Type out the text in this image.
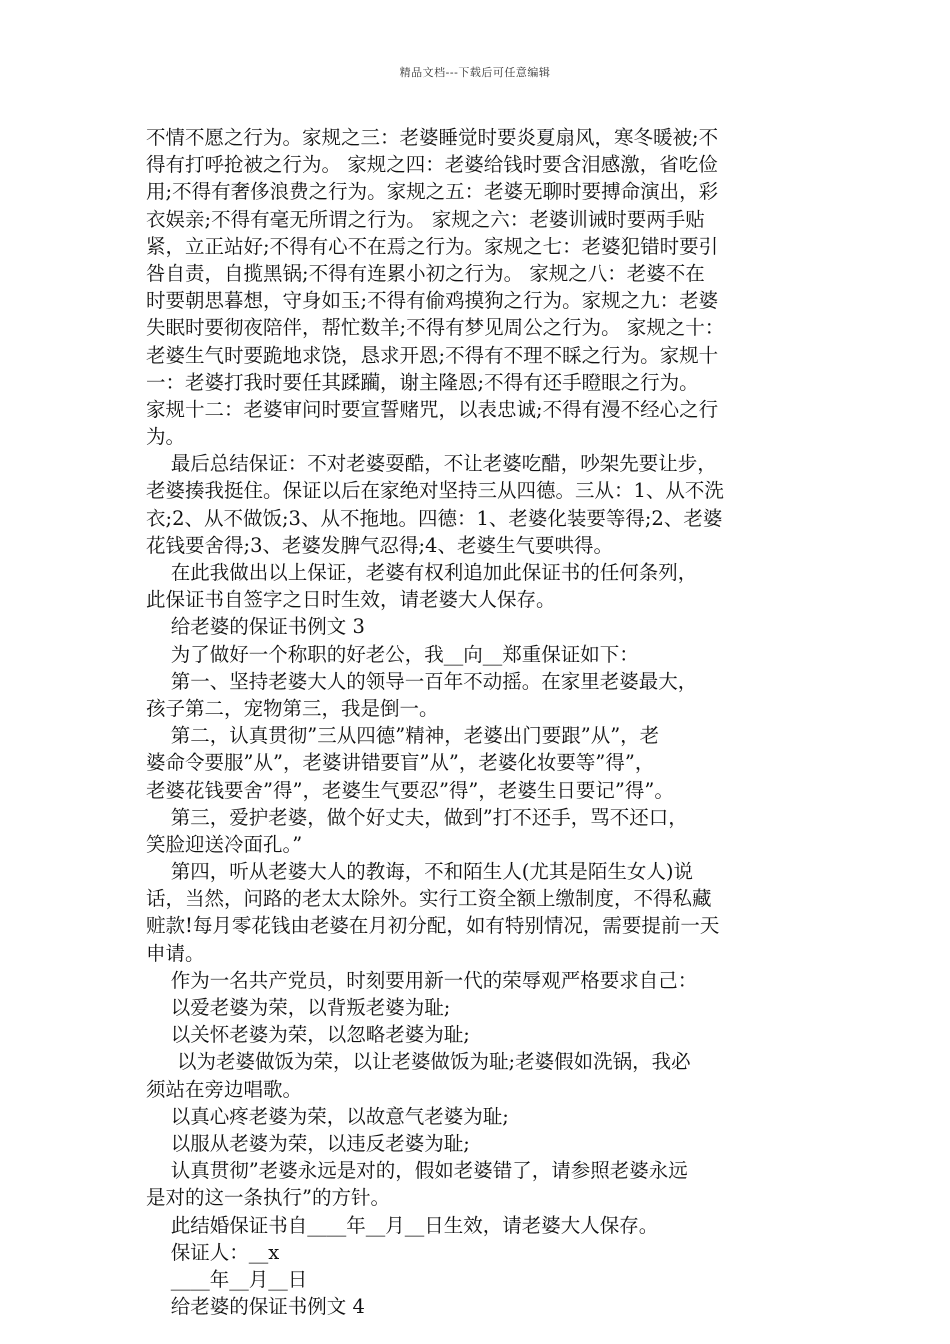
精品文档---下载后可任意编辑
不情不愿之行为。家规之三：老婆睡觉时要炎夏扇风，寒冬暖被;不
得有打呼抢被之行为。 家规之四：老婆给钱时要含泪感激，省吃俭
用;不得有奢侈浪费之行为。家规之五：老婆无聊时要搏命演出，彩
衣娱亲;不得有毫无所谓之行为。 家规之六：老婆训诫时要两手贴
紧，立正站好;不得有心不在焉之行为。家规之七：老婆犯错时要引
咎自责，自揽黑锅;不得有连累小初之行为。 家规之八：老婆不在
时要朝思暮想，守身如玉;不得有偷鸡摸狗之行为。家规之九：老婆
失眠时要彻夜陪伴，帮忙数羊;不得有梦见周公之行为。 家规之十：
老婆生气时要跪地求饶，恳求开恩;不得有不理不睬之行为。家规十
一：老婆打我时要任其蹂躏，谢主隆恩;不得有还手瞪眼之行为。
家规十二：老婆审问时要宣誓赌咒，以表忠诚;不得有漫不经心之行
为。
最后总结保证：不对老婆耍酷，不让老婆吃醋，吵架先要让步，
老婆揍我挺住。保证以后在家绝对坚持三从四德。三从：1、从不洗
衣;2、从不做饭;3、从不拖地。四德：1、老婆化装要等得;2、老婆
花钱要舍得;3、老婆发脾气忍得;4、老婆生气要哄得。
在此我做出以上保证，老婆有权利追加此保证书的任何条列，
此保证书自签字之日时生效，请老婆大人保存。
给老婆的保证书例文 3
为了做好一个称职的好老公，我__向__郑重保证如下：
第一、坚持老婆大人的领导一百年不动摇。在家里老婆最大，
孩子第二，宠物第三，我是倒一。
第二，认真贯彻”三从四德”精神，老婆出门要跟”从”，老
婆命令要服”从”，老婆讲错要盲”从”，老婆化妆要等”得”，
老婆花钱要舍”得”，老婆生气要忍”得”，老婆生日要记”得”。
第三，爱护老婆，做个好丈夫，做到”打不还手，骂不还口，
笑脸迎送冷面孔。”
第四，听从老婆大人的教诲，不和陌生人(尤其是陌生女人)说
话，当然，问路的老太太除外。实行工资全额上缴制度，不得私藏
赃款!每月零花钱由老婆在月初分配，如有特别情况，需要提前一天
申请。
作为一名共产党员，时刻要用新一代的荣辱观严格要求自己：
以爱老婆为荣，以背叛老婆为耻;
以关怀老婆为荣，以忽略老婆为耻;
以为老婆做饭为荣，以让老婆做饭为耻;老婆假如洗锅，我必
须站在旁边唱歌。
以真心疼老婆为荣，以故意气老婆为耻;
以服从老婆为荣，以违反老婆为耻;
认真贯彻”老婆永远是对的，假如老婆错了，请参照老婆永远
是对的这一条执行”的方针。
此结婚保证书自____年__月__日生效，请老婆大人保存。
保证人：__x
____年__月__日
给老婆的保证书例文 4
